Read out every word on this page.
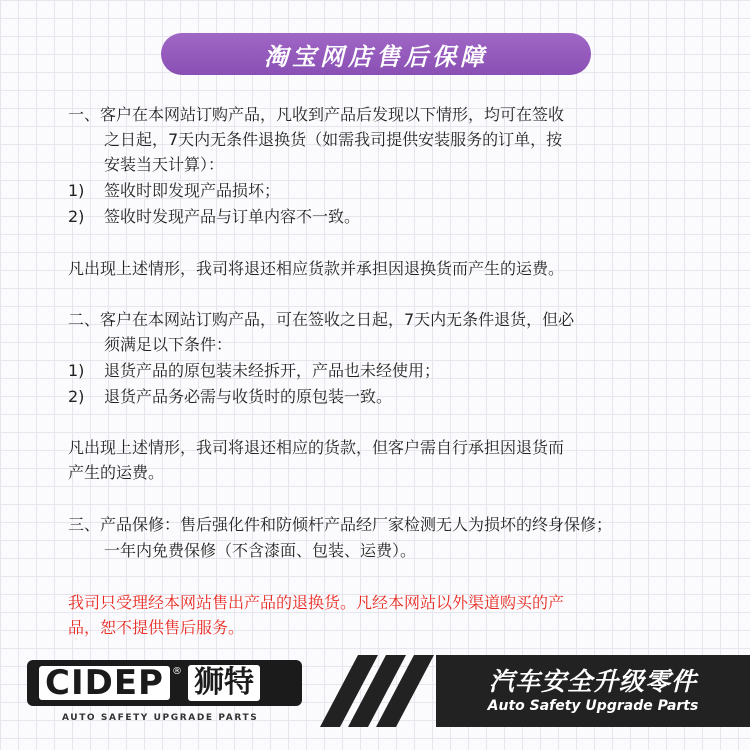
淘宝网店售后保障
一、客户在本网站订购产品，凡收到产品后发现以下情形，均可在签收
之日起，7天内无条件退换货（如需我司提供安装服务的订单，按
安装当天计算）：
1) 签收时即发现产品损坏；
2) 签收时发现产品与订单内容不一致。
凡出现上述情形，我司将退还相应货款并承担因退换货而产生的运费。
二、客户在本网站订购产品，可在签收之日起，7天内无条件退货，但必
须满足以下条件：
1) 退货产品的原包装未经拆开，产品也未经使用；
2) 退货产品务必需与收货时的原包装一致。
凡出现上述情形，我司将退还相应的货款，但客户需自行承担因退货而
产生的运费。
三、产品保修：售后强化件和防倾杆产品经厂家检测无人为损坏的终身保修；
一年内免费保修（不含漆面、包装、运费）。
我司只受理经本网站售出产品的退换货。凡经本网站以外渠道购买的产
品，恕不提供售后服务。
CIDEP ® 狮特
AUTO SAFETY UPGRADE PARTS
汽车安全升级零件
Auto Safety Upgrade Parts
